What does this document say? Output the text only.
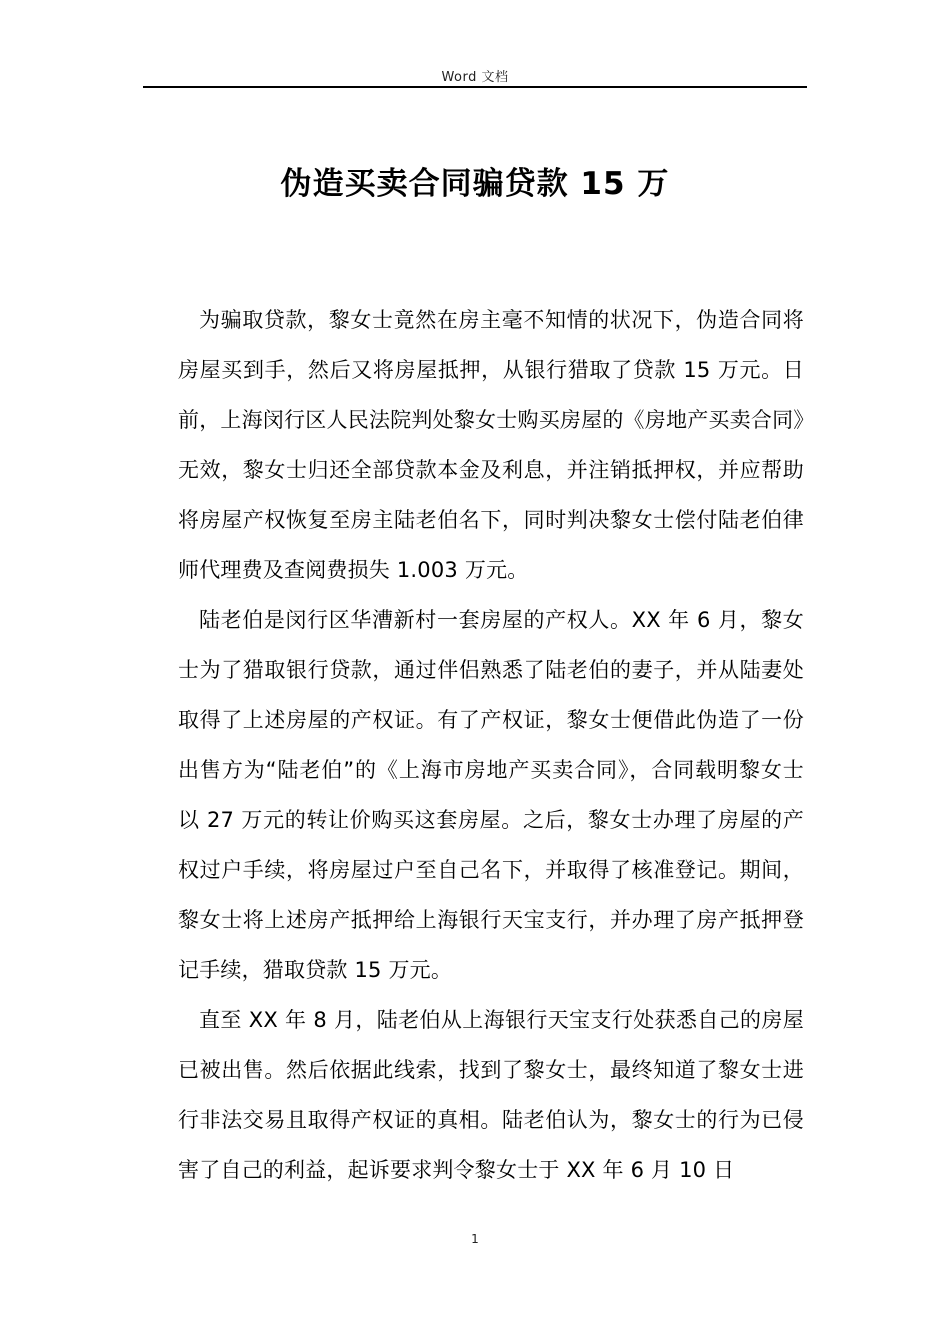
Word 文档
伪造买卖合同骗贷款 15 万

为骗取贷款，黎女士竟然在房主毫不知情的状况下，伪造合同将房屋买到手，然后又将房屋抵押，从银行猎取了贷款 15 万元。日前，上海闵行区人民法院判处黎女士购买房屋的《房地产买卖合同》无效，黎女士归还全部贷款本金及利息，并注销抵押权，并应帮助将房屋产权恢复至房主陆老伯名下，同时判决黎女士偿付陆老伯律师代理费及查阅费损失 1.003 万元。

陆老伯是闵行区华漕新村一套房屋的产权人。XX 年 6 月，黎女士为了猎取银行贷款，通过伴侣熟悉了陆老伯的妻子，并从陆妻处取得了上述房屋的产权证。有了产权证，黎女士便借此伪造了一份出售方为“陆老伯”的《上海市房地产买卖合同》，合同载明黎女士以 27 万元的转让价购买这套房屋。之后，黎女士办理了房屋的产权过户手续，将房屋过户至自己名下，并取得了核准登记。期间，黎女士将上述房产抵押给上海银行天宝支行，并办理了房产抵押登记手续，猎取贷款 15 万元。

直至 XX 年 8 月，陆老伯从上海银行天宝支行处获悉自己的房屋已被出售。然后依据此线索，找到了黎女士，最终知道了黎女士进行非法交易且取得产权证的真相。陆老伯认为，黎女士的行为已侵害了自己的利益，起诉要求判令黎女士于 XX 年 6 月 10 日

1
